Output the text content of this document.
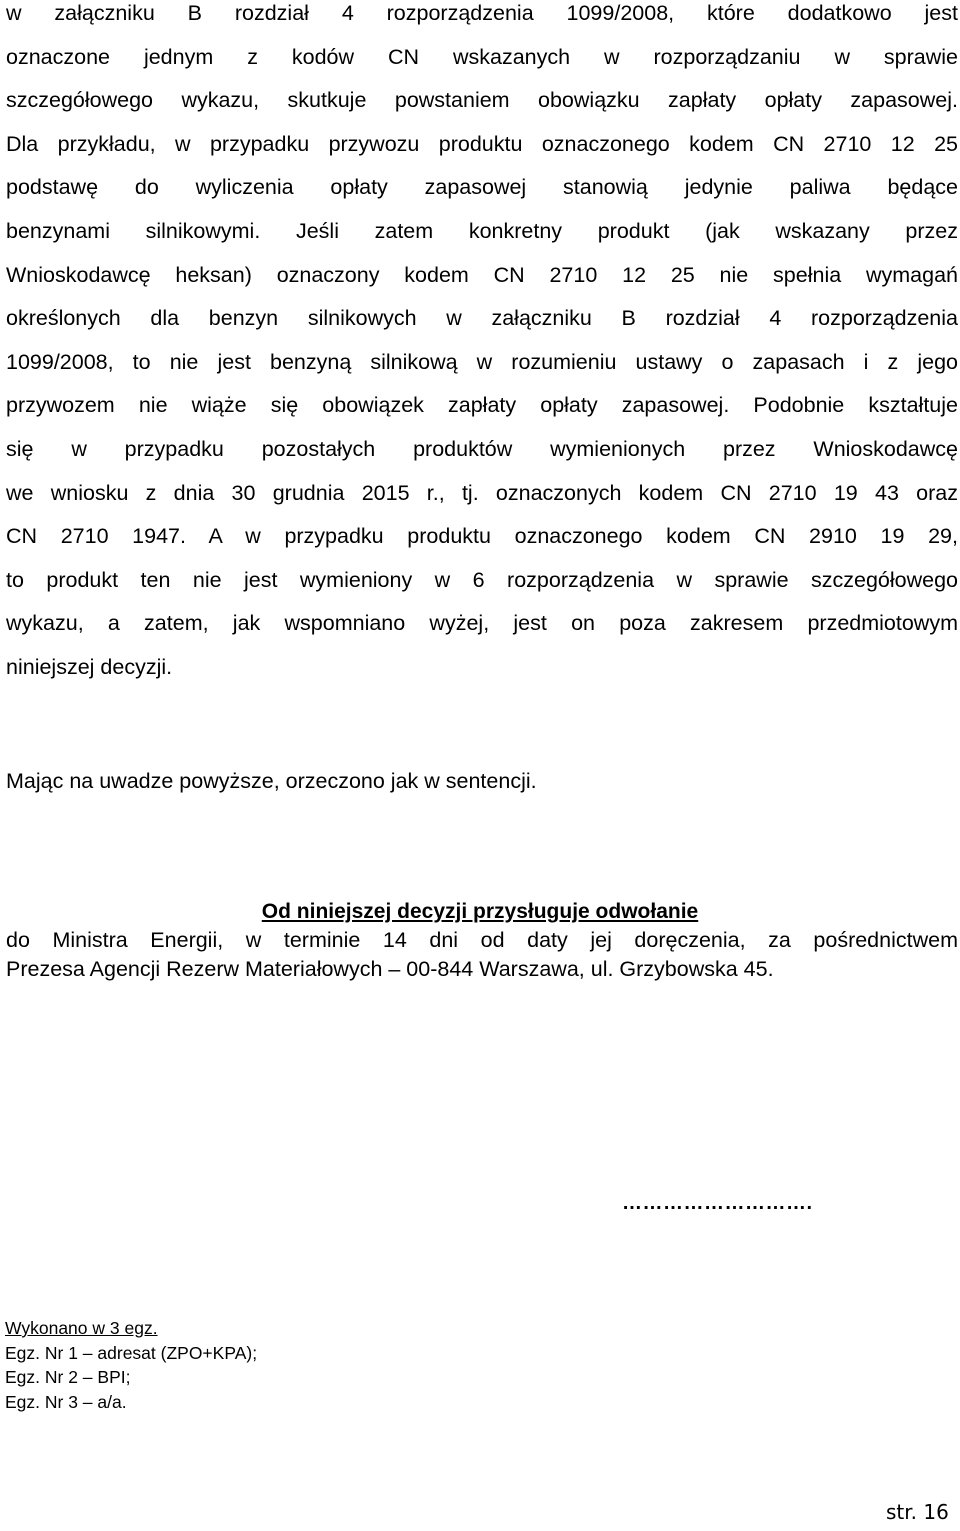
w załączniku B rozdział 4 rozporządzenia 1099/2008, które dodatkowo jest
oznaczone jednym z kodów CN wskazanych w rozporządzaniu w sprawie
szczegółowego wykazu, skutkuje powstaniem obowiązku zapłaty opłaty zapasowej.
Dla przykładu, w przypadku przywozu produktu oznaczonego kodem CN 2710 12 25
podstawę do wyliczenia opłaty zapasowej stanowią jedynie paliwa będące
benzynami silnikowymi. Jeśli zatem konkretny produkt (jak wskazany przez
Wnioskodawcę heksan) oznaczony kodem CN 2710 12 25 nie spełnia wymagań
określonych dla benzyn silnikowych w załączniku B rozdział 4 rozporządzenia
1099/2008, to nie jest benzyną silnikową w rozumieniu ustawy o zapasach i z jego
przywozem nie wiąże się obowiązek zapłaty opłaty zapasowej. Podobnie kształtuje
się w przypadku pozostałych produktów wymienionych przez Wnioskodawcę
we wniosku z dnia 30 grudnia 2015 r., tj. oznaczonych kodem CN 2710 19 43 oraz
CN 2710 1947. A w przypadku produktu oznaczonego kodem CN 2910 19 29,
to produkt ten nie jest wymieniony w 6 rozporządzenia w sprawie szczegółowego
wykazu, a zatem, jak wspomniano wyżej, jest on poza zakresem przedmiotowym
niniejszej decyzji.
Mając na uwadze powyższe, orzeczono jak w sentencji.
Od niniejszej decyzji przysługuje odwołanie
do Ministra Energii, w terminie 14 dni od daty jej doręczenia, za pośrednictwem
Prezesa Agencji Rezerw Materiałowych – 00-844 Warszawa, ul. Grzybowska 45.
……………………….
Wykonano w 3 egz.
Egz. Nr 1 – adresat (ZPO+KPA);
Egz. Nr 2 – BPI;
Egz. Nr 3 – a/a.
str. 16
